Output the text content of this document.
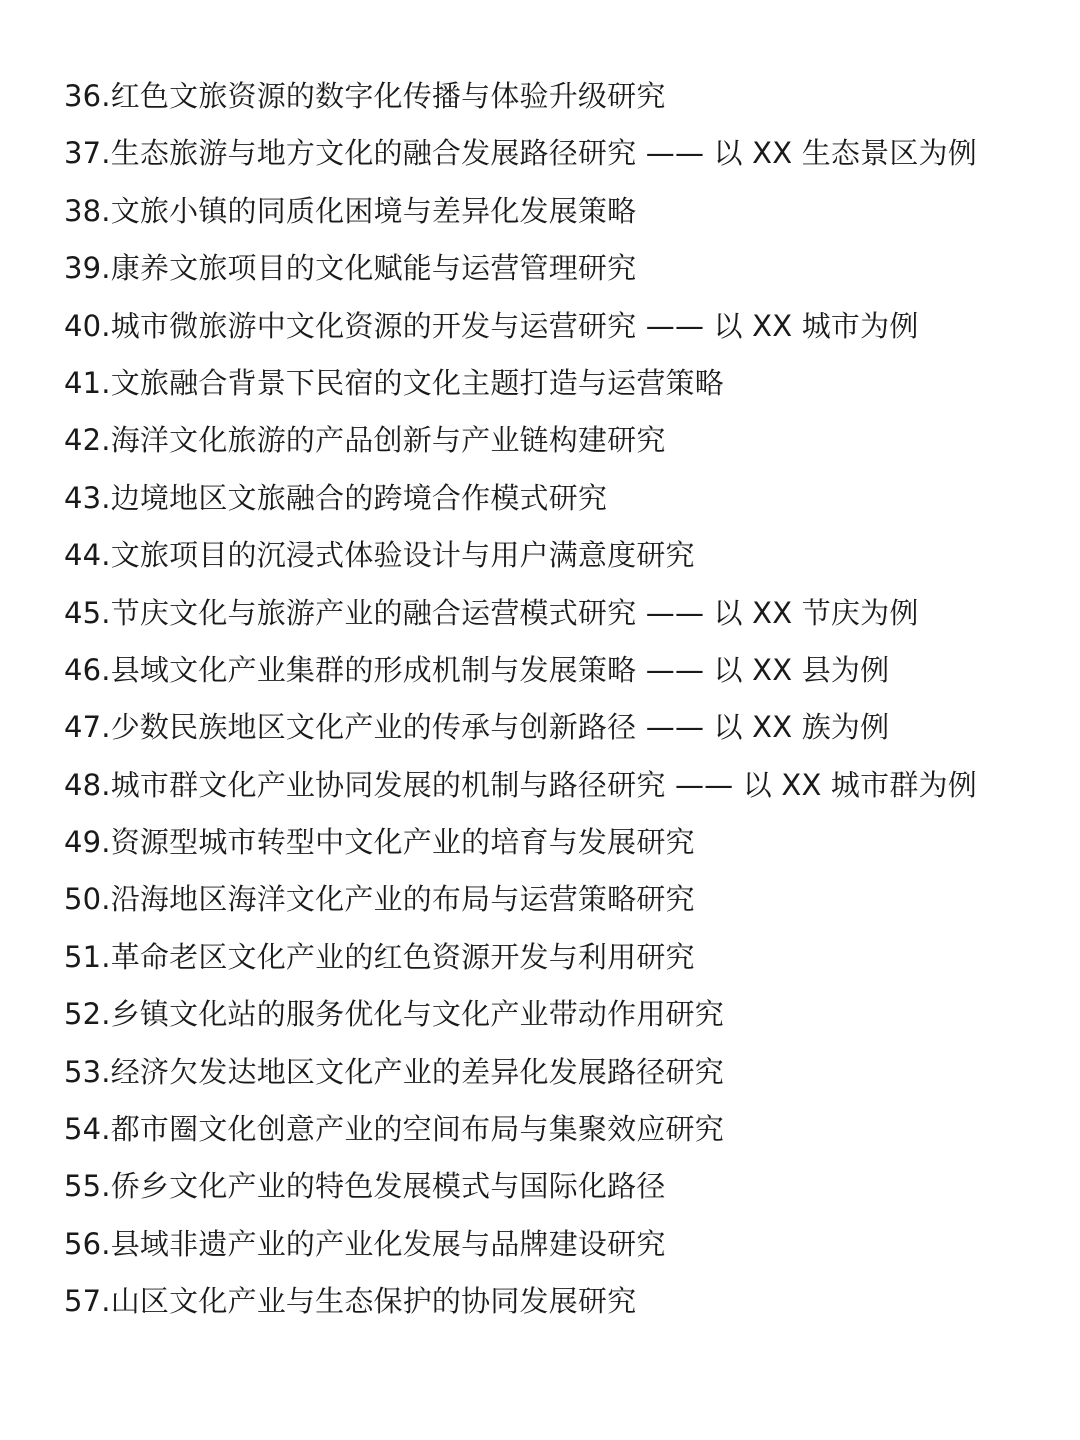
36.红色文旅资源的数字化传播与体验升级研究
37.生态旅游与地方文化的融合发展路径研究 —— 以 XX 生态景区为例
38.文旅小镇的同质化困境与差异化发展策略
39.康养文旅项目的文化赋能与运营管理研究
40.城市微旅游中文化资源的开发与运营研究 —— 以 XX 城市为例
41.文旅融合背景下民宿的文化主题打造与运营策略
42.海洋文化旅游的产品创新与产业链构建研究
43.边境地区文旅融合的跨境合作模式研究
44.文旅项目的沉浸式体验设计与用户满意度研究
45.节庆文化与旅游产业的融合运营模式研究 —— 以 XX 节庆为例
46.县域文化产业集群的形成机制与发展策略 —— 以 XX 县为例
47.少数民族地区文化产业的传承与创新路径 —— 以 XX 族为例
48.城市群文化产业协同发展的机制与路径研究 —— 以 XX 城市群为例
49.资源型城市转型中文化产业的培育与发展研究
50.沿海地区海洋文化产业的布局与运营策略研究
51.革命老区文化产业的红色资源开发与利用研究
52.乡镇文化站的服务优化与文化产业带动作用研究
53.经济欠发达地区文化产业的差异化发展路径研究
54.都市圈文化创意产业的空间布局与集聚效应研究
55.侨乡文化产业的特色发展模式与国际化路径
56.县域非遗产业的产业化发展与品牌建设研究
57.山区文化产业与生态保护的协同发展研究
